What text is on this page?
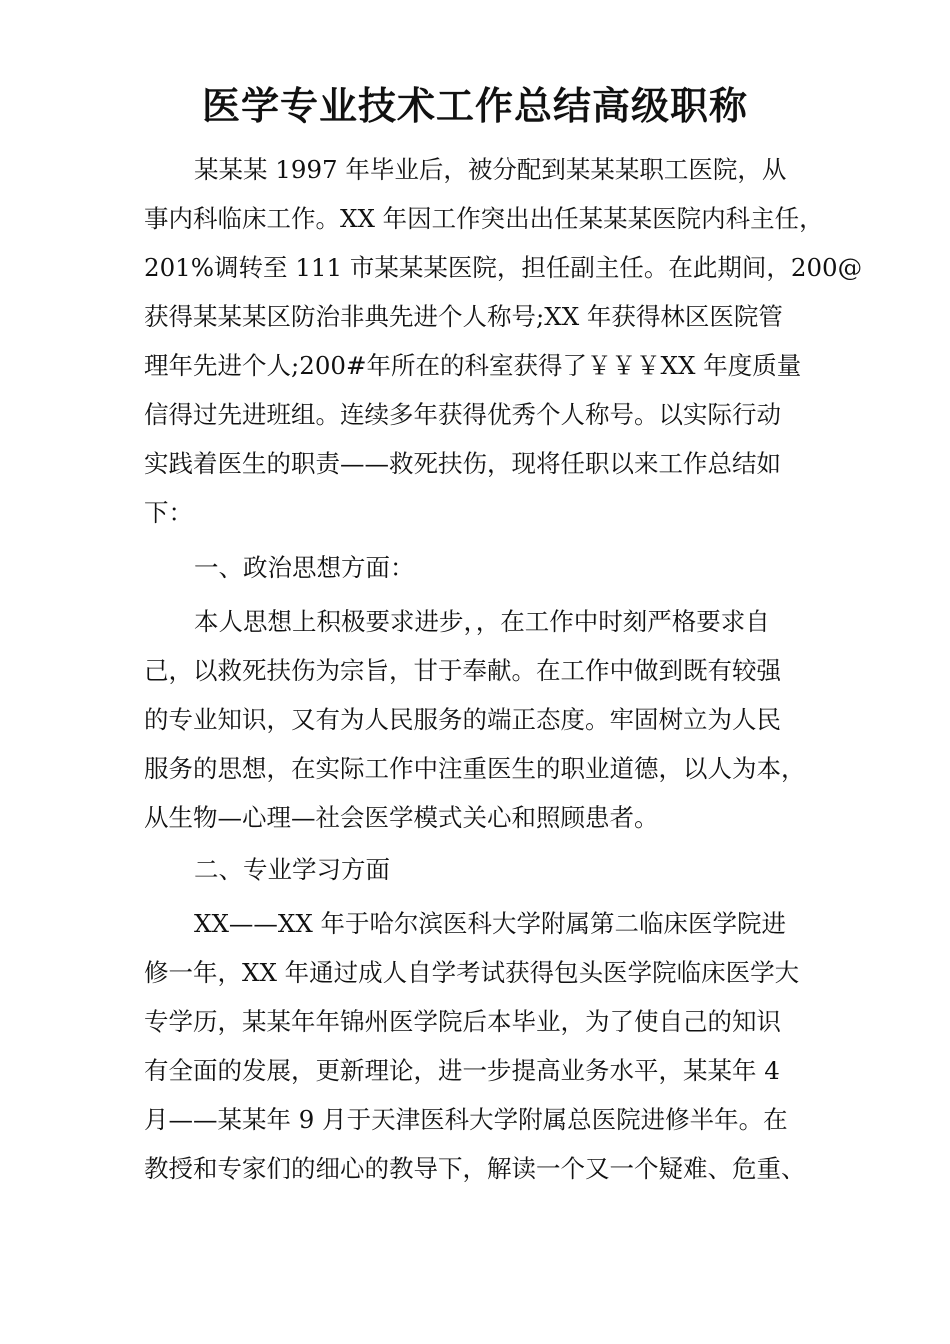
医学专业技术工作总结高级职称
某某某 1997 年毕业后，被分配到某某某职工医院，从
事内科临床工作。XX 年因工作突出出任某某某医院内科主任，
201%调转至 111 市某某某医院，担任副主任。在此期间，200@
获得某某某区防治非典先进个人称号;XX 年获得林区医院管
理年先进个人;200#年所在的科室获得了￥￥￥XX 年度质量
信得过先进班组。连续多年获得优秀个人称号。以实际行动
实践着医生的职责——救死扶伤，现将任职以来工作总结如
下：
一、政治思想方面：
本人思想上积极要求进步，，在工作中时刻严格要求自
己，以救死扶伤为宗旨，甘于奉献。在工作中做到既有较强
的专业知识，又有为人民服务的端正态度。牢固树立为人民
服务的思想，在实际工作中注重医生的职业道德，以人为本，
从生物—心理—社会医学模式关心和照顾患者。
二、专业学习方面
XX——XX 年于哈尔滨医科大学附属第二临床医学院进
修一年，XX 年通过成人自学考试获得包头医学院临床医学大
专学历，某某年年锦州医学院后本毕业，为了使自己的知识
有全面的发展，更新理论，进一步提高业务水平，某某年 4
月——某某年 9 月于天津医科大学附属总医院进修半年。在
教授和专家们的细心的教导下，解读一个又一个疑难、危重、
